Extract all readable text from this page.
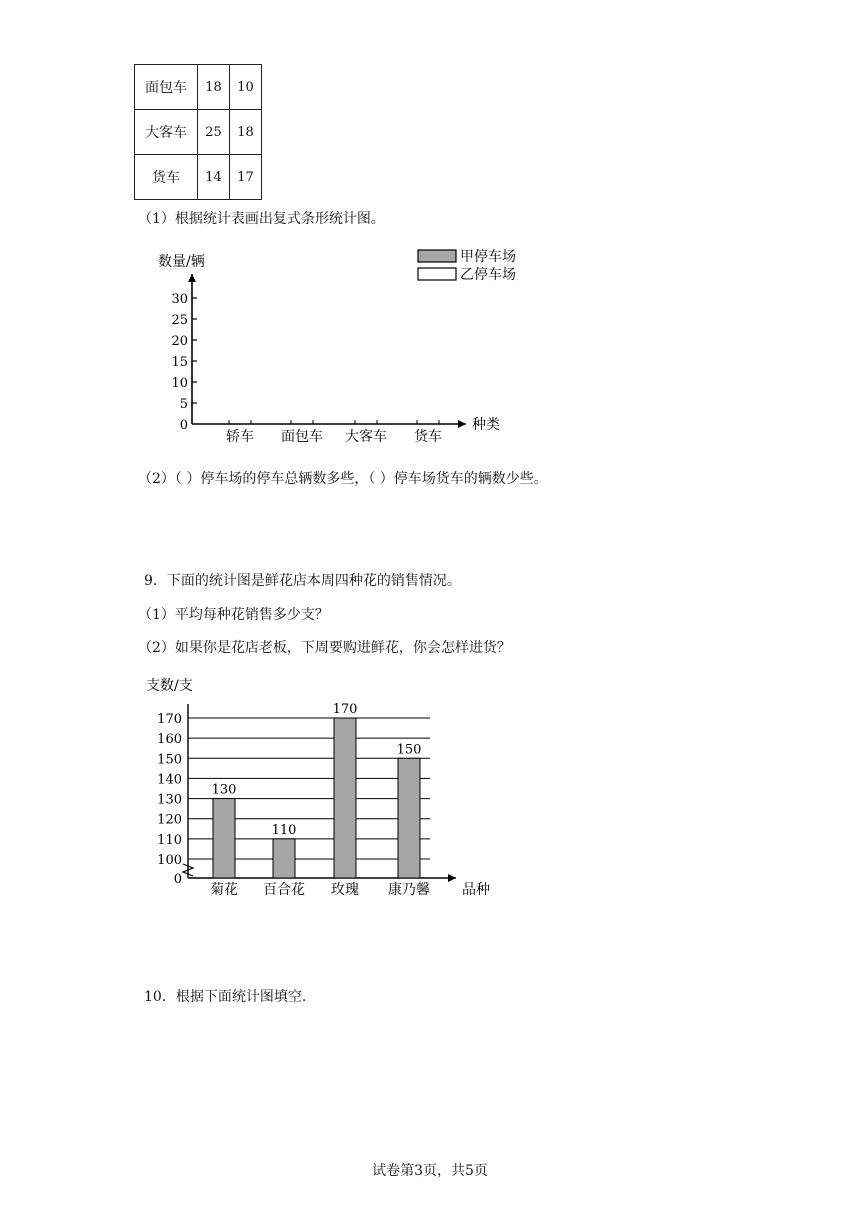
面包车	18	10
大客车	25	18
货车	14	17
（1）根据统计表画出复式条形统计图。
数量/辆
种类
0
5
10
15
20
25
30
轿车 面包车 大客车 货车
甲停车场
乙停车场
（2）（ ）停车场的停车总辆数多些，（ ）停车场货车的辆数少些。
9．下面的统计图是鲜花店本周四种花的销售情况。
（1）平均每种花销售多少支？
（2）如果你是花店老板，下周要购进鲜花，你会怎样进货？
支数/支
0
100
110
120
130
140
150
160
170
品种
130
菊花
110
百合花
170
玫瑰
150
康乃馨
10．根据下面统计图填空.
试卷第3页，共5页
